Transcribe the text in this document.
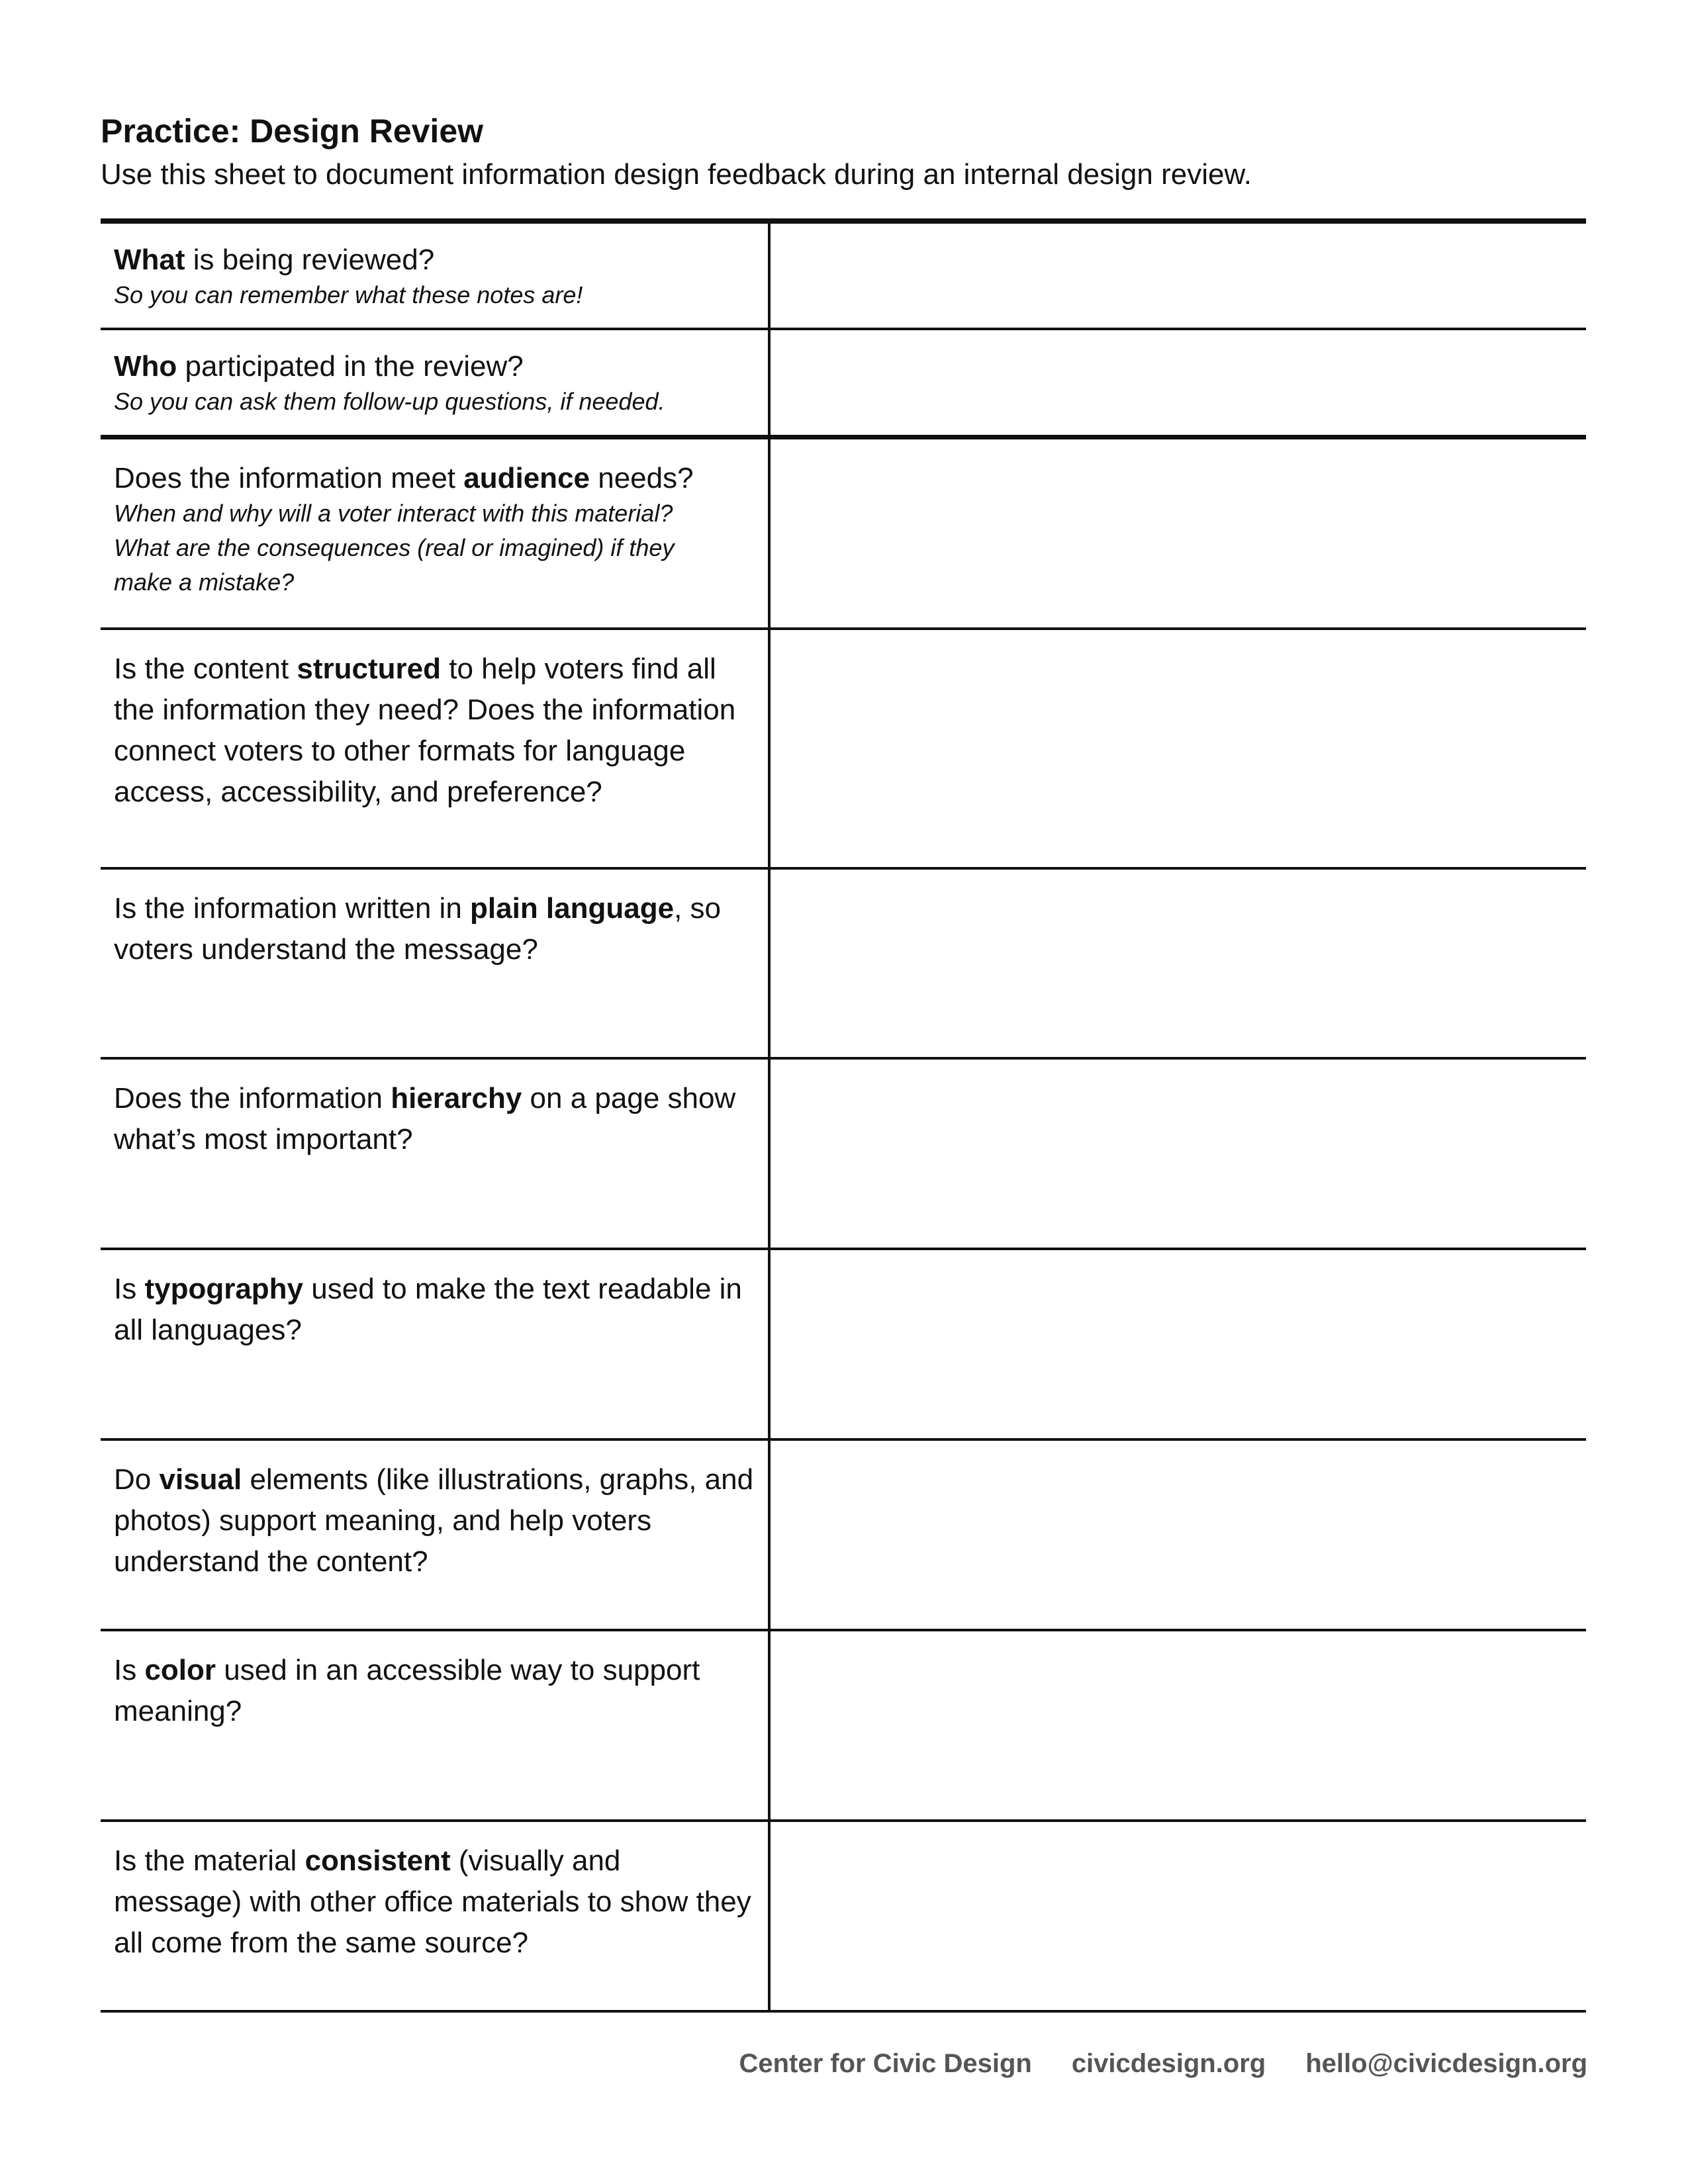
Practice: Design Review

Use this sheet to document information design feedback during an internal design review.

What is being reviewed?
So you can remember what these notes are!
Who participated in the review?
So you can ask them follow-up questions, if needed.
Does the information meet audience needs?
When and why will a voter interact with this material? What are the consequences (real or imagined) if they make a mistake?
Is the content structured to help voters find all the information they need? Does the information connect voters to other formats for language access, accessibility, and preference?
Is the information written in plain language, so voters understand the message?
Does the information hierarchy on a page show what’s most important?
Is typography used to make the text readable in all languages?
Do visual elements (like illustrations, graphs, and photos) support meaning, and help voters understand the content?
Is color used in an accessible way to support meaning?
Is the material consistent (visually and message) with other office materials to show they all come from the same source?
Center for Civic Design civicdesign.org hello@civicdesign.org
